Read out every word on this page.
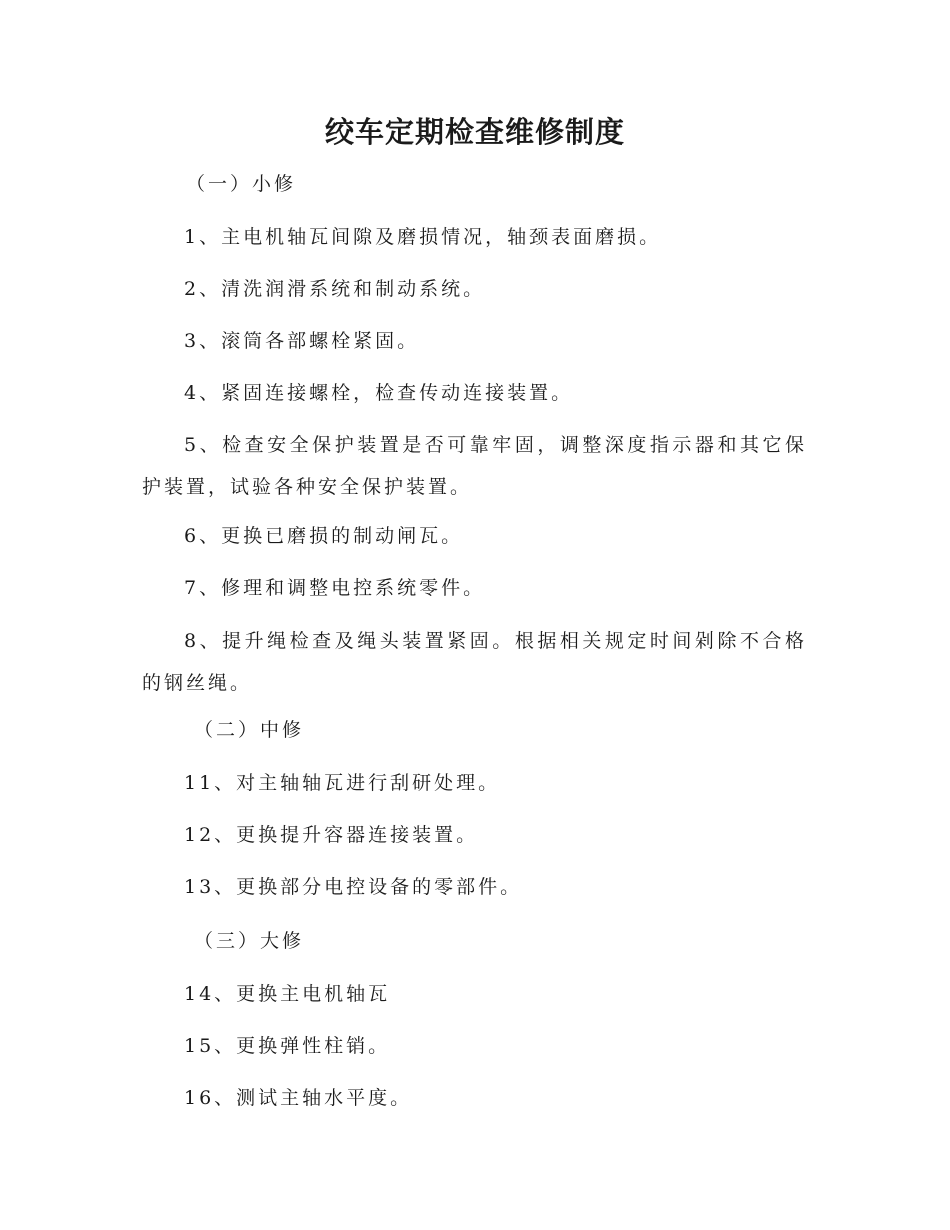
绞车定期检查维修制度
（一）小修
1、主电机轴瓦间隙及磨损情况，轴颈表面磨损。
2、清洗润滑系统和制动系统。
3、滚筒各部螺栓紧固。
4、紧固连接螺栓，检查传动连接装置。
5、检查安全保护装置是否可靠牢固，调整深度指示器和其它保护装置，试验各种安全保护装置。
6、更换已磨损的制动闸瓦。
7、修理和调整电控系统零件。
8、提升绳检查及绳头装置紧固。根据相关规定时间剁除不合格的钢丝绳。
（二）中修
11、对主轴轴瓦进行刮研处理。
12、更换提升容器连接装置。
13、更换部分电控设备的零部件。
（三）大修
14、更换主电机轴瓦
15、更换弹性柱销。
16、测试主轴水平度。
